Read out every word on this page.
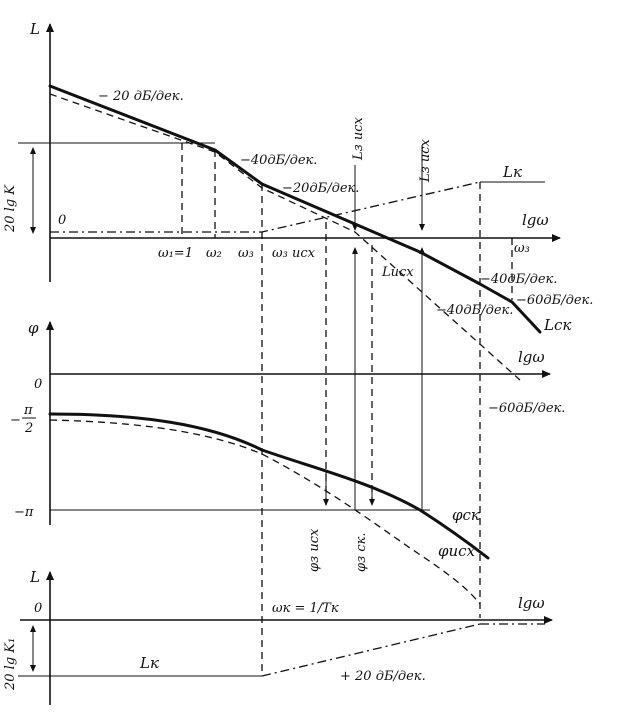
L
20 lg K	0
− 20 дБ/дек.
−40дБ/дек.
−20дБ/дек.
lgω
ω₁=1 ω₂ ω₃ ω₃ исх	ω₃
Lз исх
Lз исх	Lк
Lисх	−40дБ/дек.
−40дБ/дек.
−60дБ/дек.
Lск
φ
0
lgω
−60дБ/дек.
−
π
2
−π	φск
φисх
φз исх φз ск.
L
0	lgω
ωк = 1/Tк
20 lg K₁	Lк
+ 20 дБ/дек.
